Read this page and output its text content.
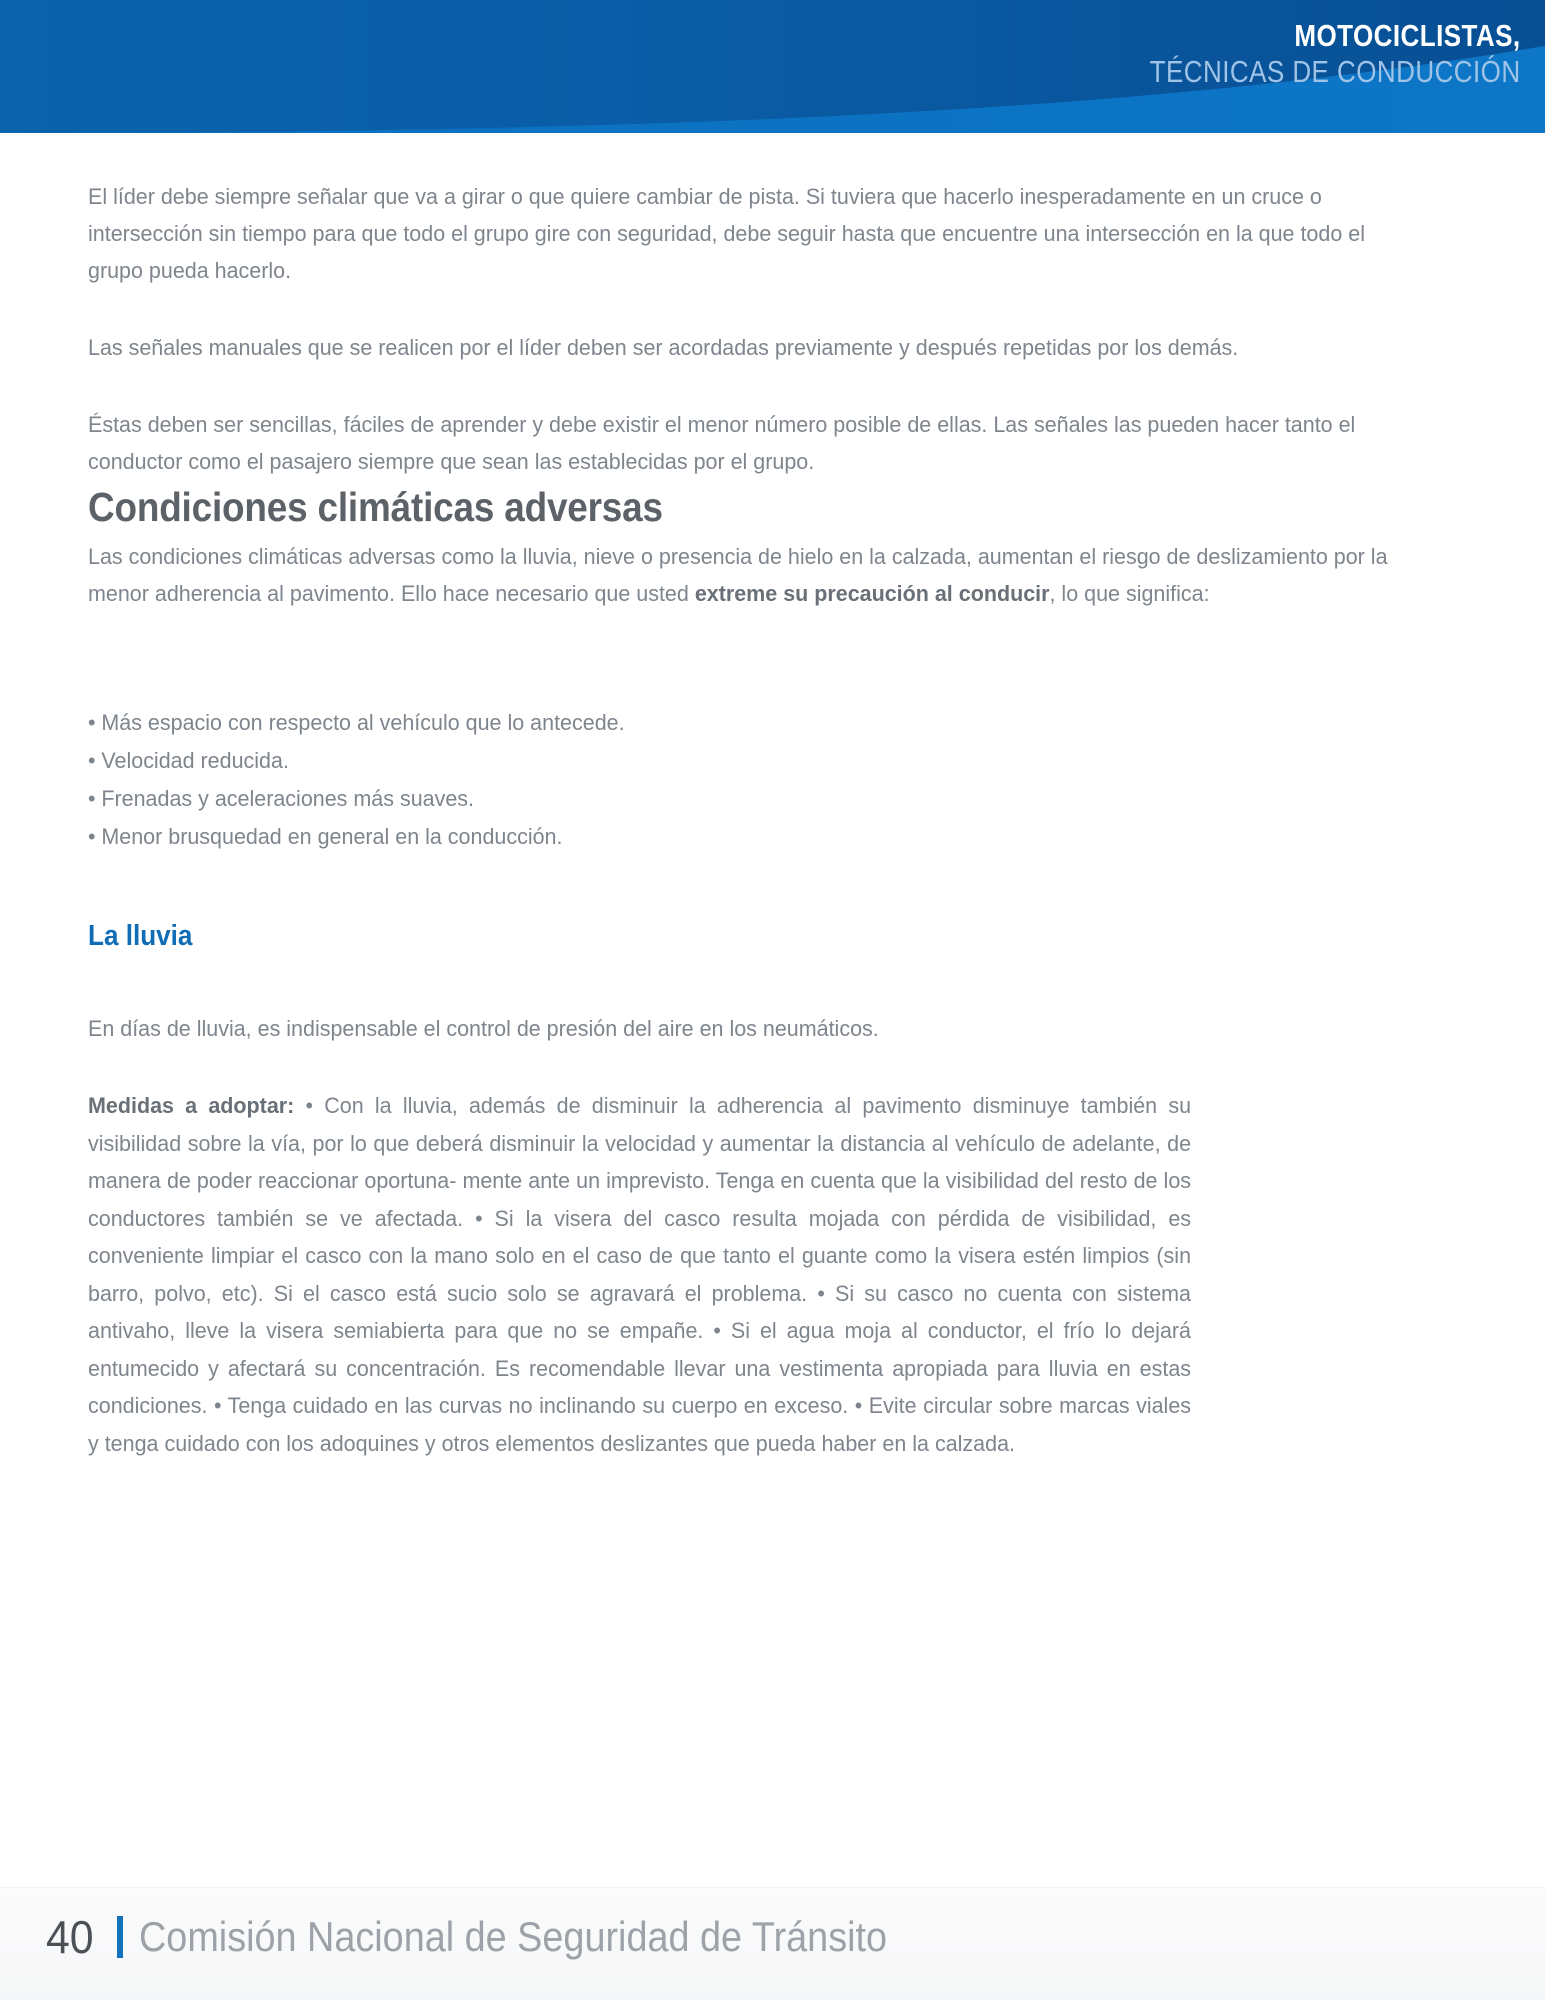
MOTOCICLISTAS,
TÉCNICAS DE CONDUCCIÓN

El líder debe siempre señalar que va a girar o que quiere cambiar de pista. Si tuviera que hacerlo inesperadamente en un cruce o intersección sin tiempo para que todo el grupo gire con seguridad, debe seguir hasta que encuentre una intersección en la que todo el grupo pueda hacerlo.

Las señales manuales que se realicen por el líder deben ser acordadas previamente y después repetidas por los demás.

Éstas deben ser sencillas, fáciles de aprender y debe existir el menor número posible de ellas. Las señales las pueden hacer tanto el conductor como el pasajero siempre que sean las establecidas por el grupo.

Condiciones climáticas adversas

Las condiciones climáticas adversas como la lluvia, nieve o presencia de hielo en la calzada, aumentan el riesgo de deslizamiento por la menor adherencia al pavimento. Ello hace necesario que usted extreme su precaución al conducir, lo que significa:

• Más espacio con respecto al vehículo que lo antecede.
• Velocidad reducida.
• Frenadas y aceleraciones más suaves.
• Menor brusquedad en general en la conducción.
La lluvia

En días de lluvia, es indispensable el control de presión del aire en los neumáticos.

Medidas a adoptar: • Con la lluvia, además de disminuir la adherencia al pavimento disminuye también su visibilidad sobre la vía, por lo que deberá disminuir la velocidad y aumentar la distancia al vehículo de adelante, de manera de poder reaccionar oportuna- mente ante un imprevisto. Tenga en cuenta que la visibilidad del resto de los conductores también se ve afectada. • Si la visera del casco resulta mojada con pérdida de visibilidad, es conveniente limpiar el casco con la mano solo en el caso de que tanto el guante como la visera estén limpios (sin barro, polvo, etc). Si el casco está sucio solo se agravará el problema. • Si su casco no cuenta con sistema antivaho, lleve la visera semiabierta para que no se empañe. • Si el agua moja al conductor, el frío lo dejará entumecido y afectará su concentración. Es recomendable llevar una vestimenta apropiada para lluvia en estas condiciones. • Tenga cuidado en las curvas no inclinando su cuerpo en exceso. • Evite circular sobre marcas viales y tenga cuidado con los adoquines y otros elementos deslizantes que pueda haber en la calzada.

40 Comisión Nacional de Seguridad de Tránsito
